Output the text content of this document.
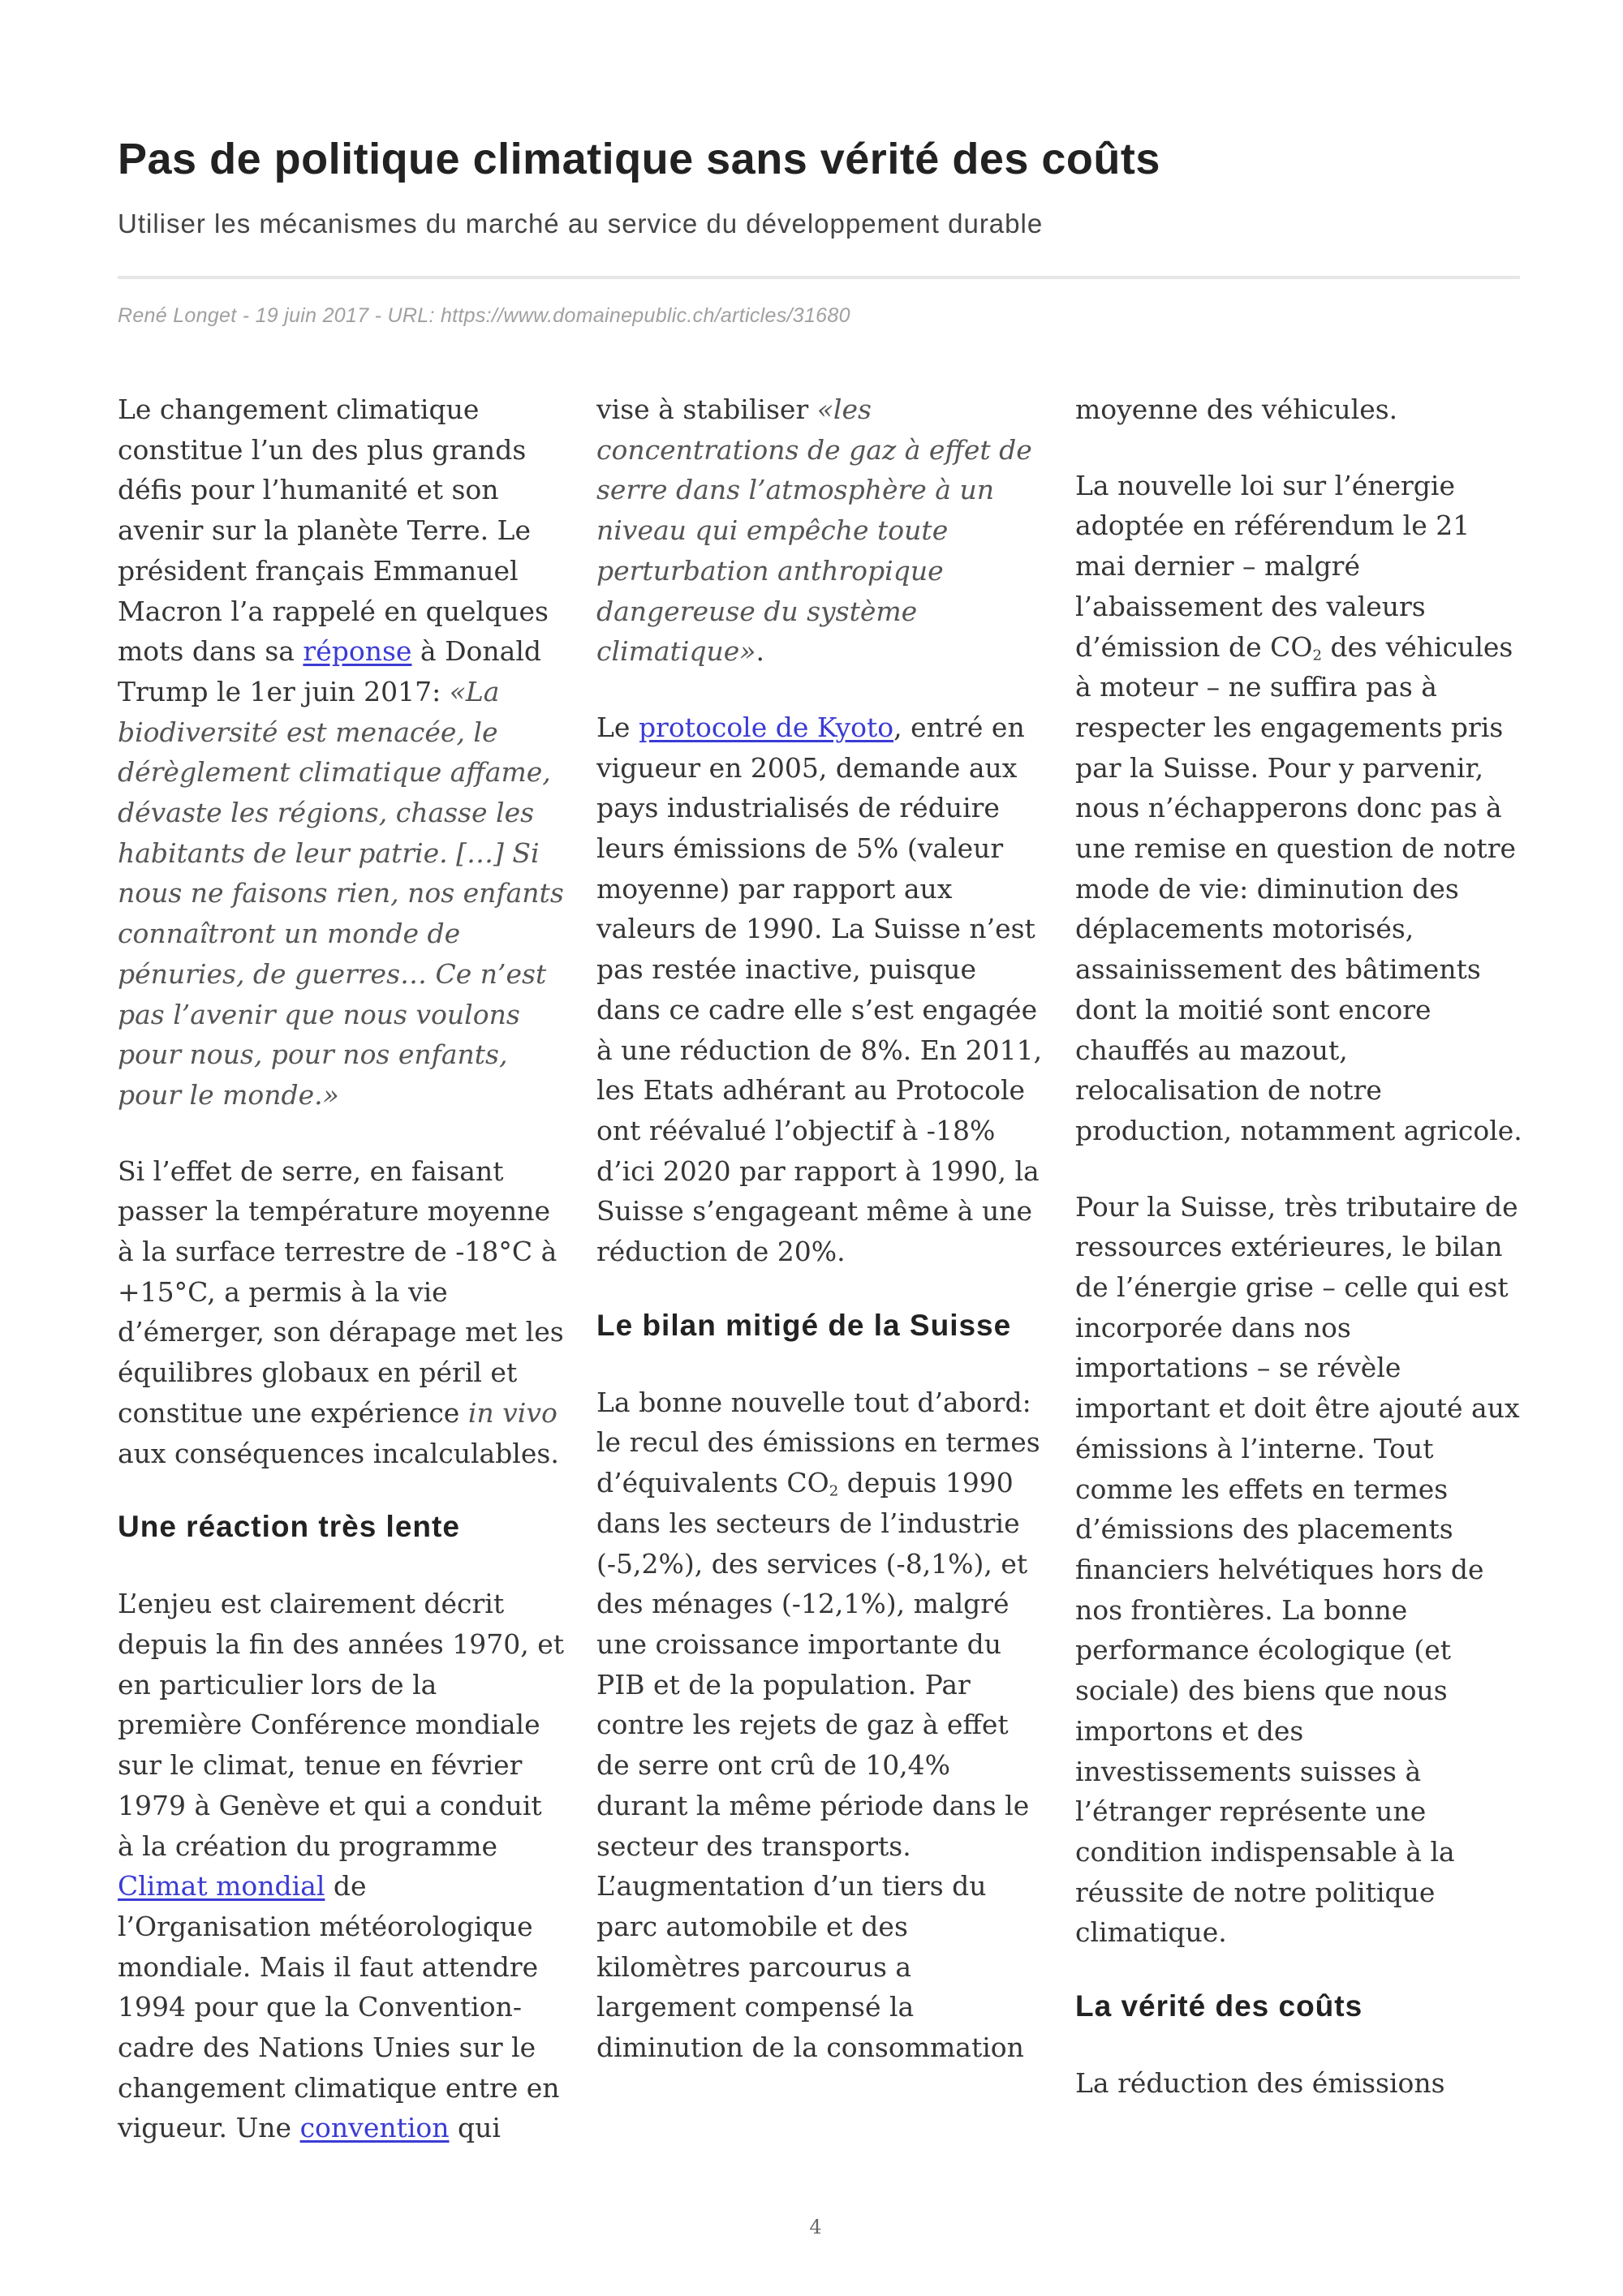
Pas de politique climatique sans vérité des coûts

Utiliser les mécanismes du marché au service du développement durable

René Longet - 19 juin 2017 - URL: https://www.domainepublic.ch/articles/31680

Le changement climatique constitue l’un des plus grands défis pour l’humanité et son avenir sur la planète Terre. Le président français Emmanuel Macron l’a rappelé en quelques mots dans sa réponse à Donald Trump le 1er juin 2017: «La biodiversité est menacée, le dérèglement climatique affame, dévaste les régions, chasse les habitants de leur patrie. […] Si nous ne faisons rien, nos enfants connaîtront un monde de pénuries, de guerres… Ce n’est pas l’avenir que nous voulons pour nous, pour nos enfants, pour le monde.»

Si l’effet de serre, en faisant passer la température moyenne à la surface terrestre de -18°C à +15°C, a permis à la vie d’émerger, son dérapage met les équilibres globaux en péril et constitue une expérience in vivo aux conséquences incalculables.

Une réaction très lente

L’enjeu est clairement décrit depuis la fin des années 1970, et en particulier lors de la première Conférence mondiale sur le climat, tenue en février 1979 à Genève et qui a conduit à la création du programme Climat mondial de l’Organisation météorologique mondiale. Mais il faut attendre 1994 pour que la Convention-cadre des Nations Unies sur le changement climatique entre en vigueur. Une convention qui

vise à stabiliser «les concentrations de gaz à effet de serre dans l’atmosphère à un niveau qui empêche toute perturbation anthropique dangereuse du système climatique».

Le protocole de Kyoto, entré en vigueur en 2005, demande aux pays industrialisés de réduire leurs émissions de 5% (valeur moyenne) par rapport aux valeurs de 1990. La Suisse n’est pas restée inactive, puisque dans ce cadre elle s’est engagée à une réduction de 8%. En 2011, les Etats adhérant au Protocole ont réévalué l’objectif à -18% d’ici 2020 par rapport à 1990, la Suisse s’engageant même à une réduction de 20%.

Le bilan mitigé de la Suisse

La bonne nouvelle tout d’abord: le recul des émissions en termes d’équivalents $CO_2$ depuis 1990 dans les secteurs de l’industrie (-5,2%), des services (-8,1%), et des ménages (-12,1%), malgré une croissance importante du PIB et de la population. Par contre les rejets de gaz à effet de serre ont crû de 10,4% durant la même période dans le secteur des transports. L’augmentation d’un tiers du parc automobile et des kilomètres parcourus a largement compensé la diminution de la consommation

moyenne des véhicules.

La nouvelle loi sur l’énergie adoptée en référendum le 21 mai dernier – malgré l’abaissement des valeurs d’émission de $CO_2$ des véhicules à moteur – ne suffira pas à respecter les engagements pris par la Suisse. Pour y parvenir, nous n’échapperons donc pas à une remise en question de notre mode de vie: diminution des déplacements motorisés, assainissement des bâtiments dont la moitié sont encore chauffés au mazout, relocalisation de notre production, notamment agricole.

Pour la Suisse, très tributaire de ressources extérieures, le bilan de l’énergie grise – celle qui est incorporée dans nos importations – se révèle important et doit être ajouté aux émissions à l’interne. Tout comme les effets en termes d’émissions des placements financiers helvétiques hors de nos frontières. La bonne performance écologique (et sociale) des biens que nous importons et des investissements suisses à l’étranger représente une condition indispensable à la réussite de notre politique climatique.

La vérité des coûts

La réduction des émissions

4
